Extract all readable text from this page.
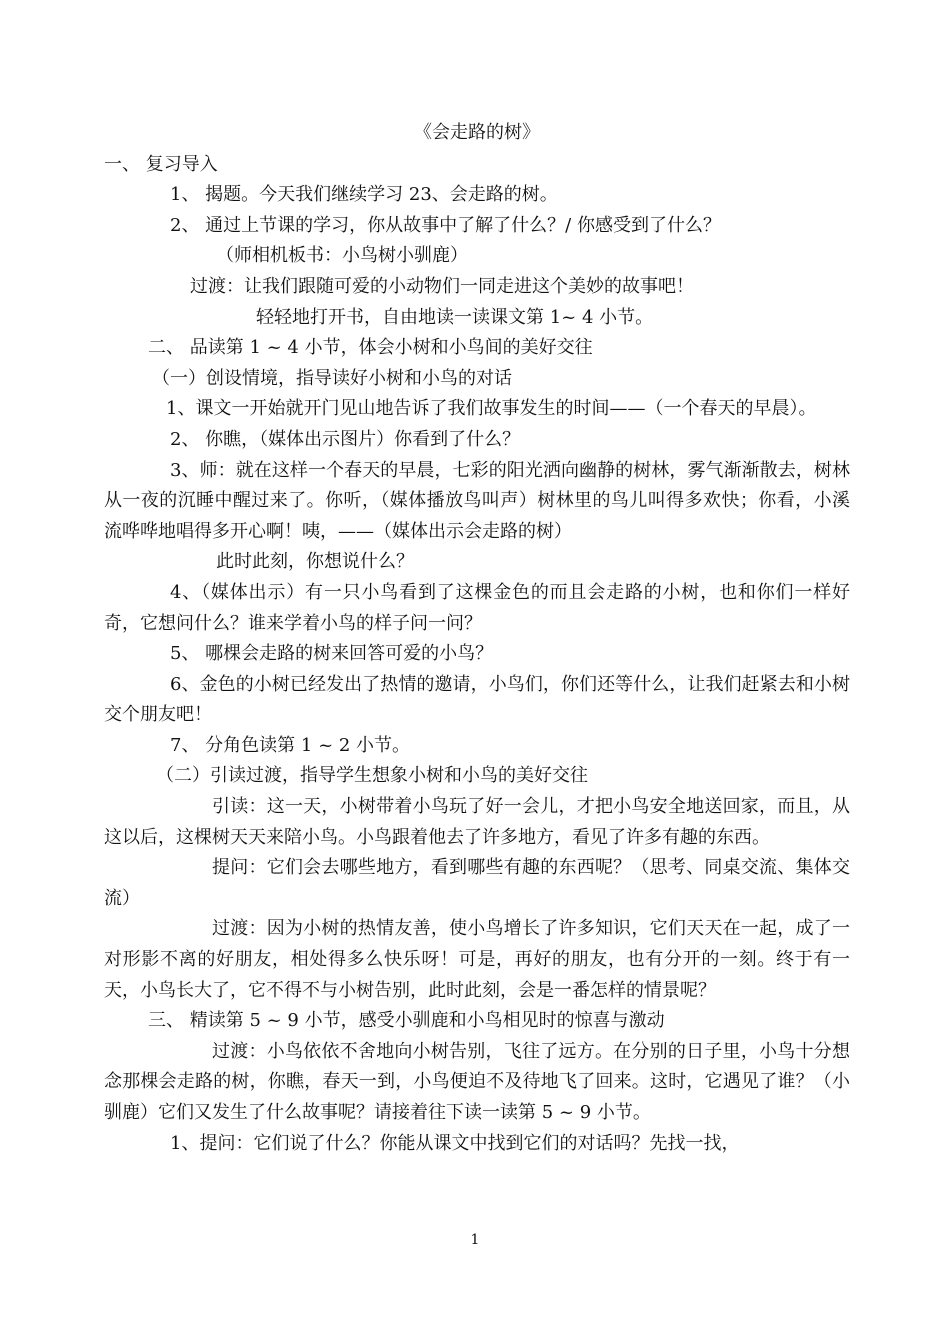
《会走路的树》

一、 复习导入

1、 揭题。今天我们继续学习 23、会走路的树。

2、 通过上节课的学习，你从故事中了解了什么？/ 你感受到了什么？

（师相机板书：小鸟树小驯鹿）

过渡：让我们跟随可爱的小动物们一同走进这个美妙的故事吧！

轻轻地打开书，自由地读一读课文第 1~ 4 小节。

二、 品读第 1 ~ 4 小节，体会小树和小鸟间的美好交往

（一）创设情境，指导读好小树和小鸟的对话

1、课文一开始就开门见山地告诉了我们故事发生的时间——（一个春天的早晨）。

2、 你瞧，（媒体出示图片）你看到了什么？

3、师：就在这样一个春天的早晨，七彩的阳光洒向幽静的树林，雾气渐渐散去，树林从一夜的沉睡中醒过来了。你听，（媒体播放鸟叫声）树林里的鸟儿叫得多欢快；你看，小溪流哗哗地唱得多开心啊！咦，——（媒体出示会走路的树）

此时此刻，你想说什么？

4、（媒体出示）有一只小鸟看到了这棵金色的而且会走路的小树，也和你们一样好奇，它想问什么？谁来学着小鸟的样子问一问？

5、 哪棵会走路的树来回答可爱的小鸟？

6、金色的小树已经发出了热情的邀请，小鸟们，你们还等什么，让我们赶紧去和小树交个朋友吧！

7、 分角色读第 1 ~ 2 小节。

（二）引读过渡，指导学生想象小树和小鸟的美好交往

引读：这一天，小树带着小鸟玩了好一会儿，才把小鸟安全地送回家，而且，从这以后，这棵树天天来陪小鸟。小鸟跟着他去了许多地方，看见了许多有趣的东西。

提问：它们会去哪些地方，看到哪些有趣的东西呢？（思考、同桌交流、集体交流）

过渡：因为小树的热情友善，使小鸟增长了许多知识，它们天天在一起，成了一对形影不离的好朋友，相处得多么快乐呀！可是，再好的朋友，也有分开的一刻。终于有一天，小鸟长大了，它不得不与小树告别，此时此刻，会是一番怎样的情景呢？

三、 精读第 5 ~ 9 小节，感受小驯鹿和小鸟相见时的惊喜与激动

过渡：小鸟依依不舍地向小树告别，飞往了远方。在分别的日子里，小鸟十分想念那棵会走路的树，你瞧，春天一到，小鸟便迫不及待地飞了回来。这时，它遇见了谁？（小驯鹿）它们又发生了什么故事呢？请接着往下读一读第 5 ~ 9 小节。

1、提问：它们说了什么？你能从课文中找到它们的对话吗？先找一找，

1
